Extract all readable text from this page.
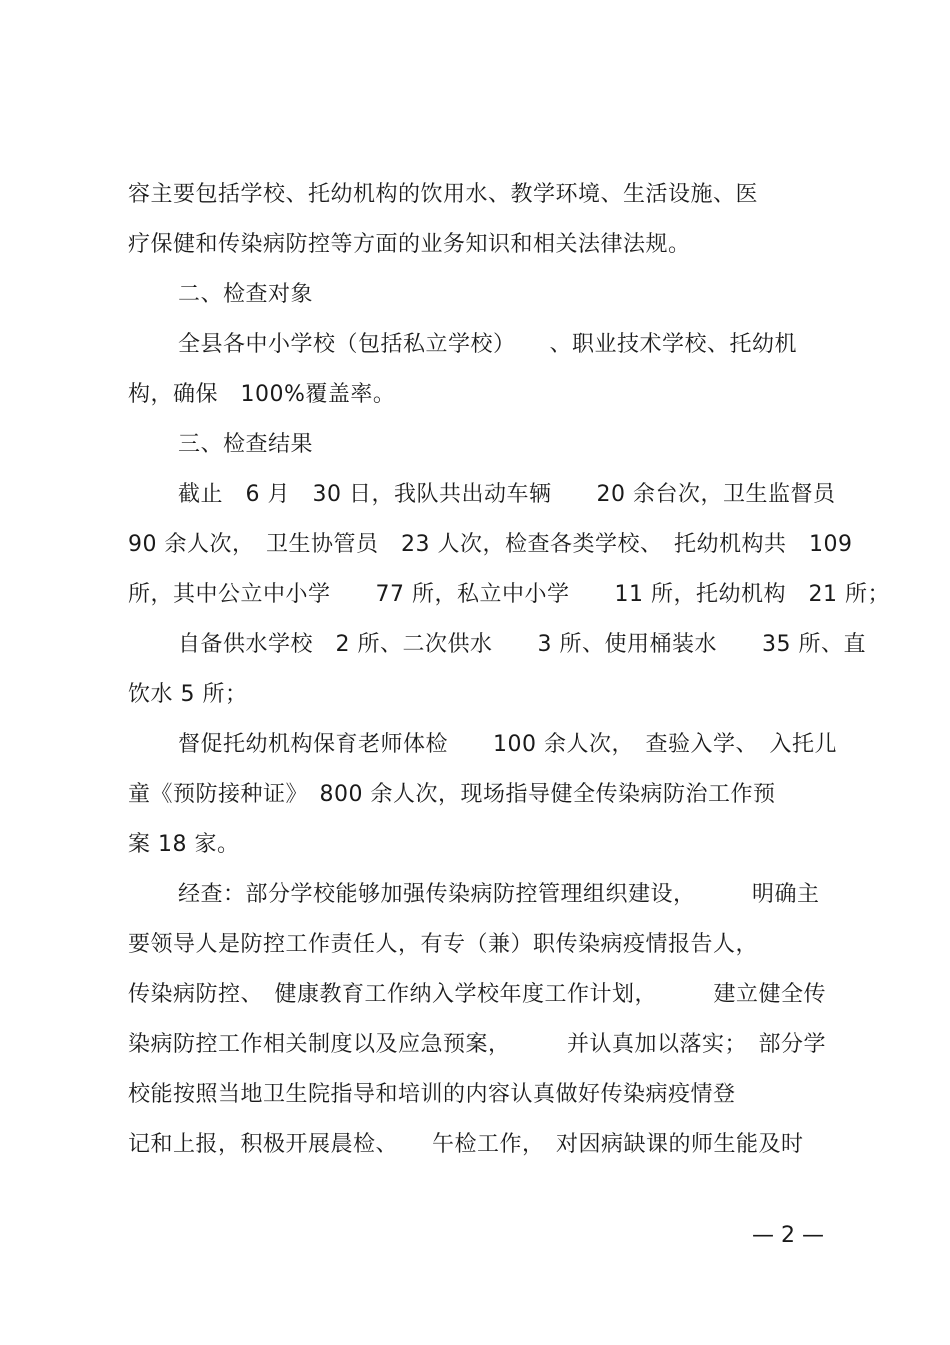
容主要包括学校、托幼机构的饮用水、教学环境、生活设施、医
疗保健和传染病防控等方面的业务知识和相关法律法规。
二、检查对象
全县各中小学校（包括私立学校）　　、职业技术学校、托幼机
构，确保　100%覆盖率。
三、检查结果
截止　6 月　30 日，我队共出动车辆　　20 余台次，卫生监督员
90 余人次，　卫生协管员　23 人次，检查各类学校、　托幼机构共　109
所，其中公立中小学　　77 所，私立中小学　　11 所，托幼机构　21 所；
自备供水学校　2 所、二次供水　　3 所、使用桶装水　　35 所、直
饮水 5 所；
督促托幼机构保育老师体检　　100 余人次，　查验入学、　入托儿
童《预防接种证》　800 余人次，现场指导健全传染病防治工作预
案 18 家。
经查：部分学校能够加强传染病防控管理组织建设，　　　明确主
要领导人是防控工作责任人，有专（兼）职传染病疫情报告人，
传染病防控、　健康教育工作纳入学校年度工作计划，　　　建立健全传
染病防控工作相关制度以及应急预案，　　　并认真加以落实；　部分学
校能按照当地卫生院指导和培训的内容认真做好传染病疫情登
记和上报，积极开展晨检、　　午检工作，　对因病缺课的师生能及时
— 2 —
